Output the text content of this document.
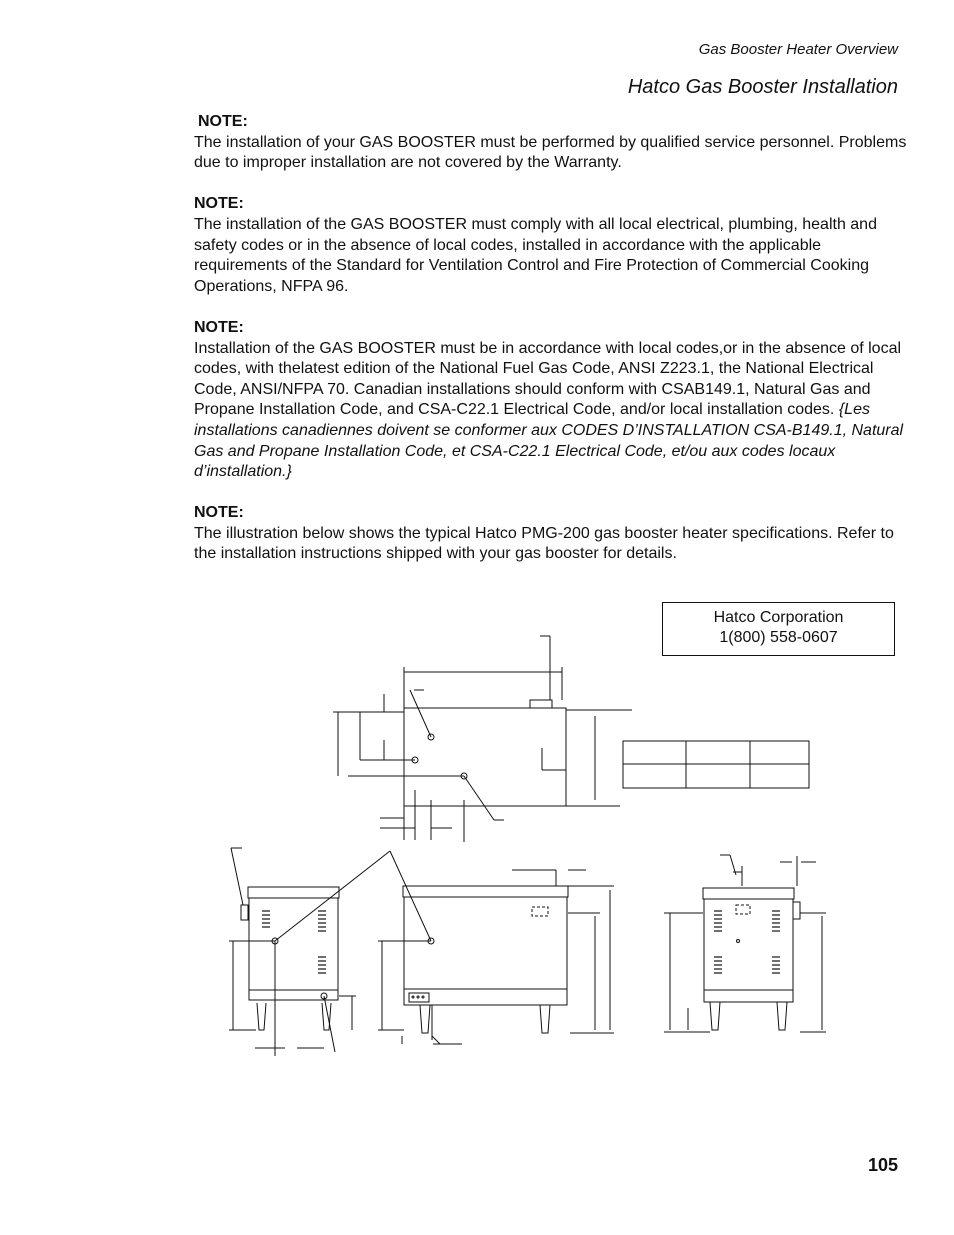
Gas Booster Heater Overview
Hatco Gas Booster Installation
NOTE:
The installation of your GAS BOOSTER must be performed by qualified service personnel. Problems due to improper installation are not covered by the Warranty.
NOTE:
The installation of the GAS BOOSTER must comply with all local electrical, plumbing, health and safety codes or in the absence of local codes, installed in accordance with the applicable requirements of the Standard for Ventilation Control and Fire Protection of Commercial Cooking Operations, NFPA 96.
NOTE:
Installation of the GAS BOOSTER must be in accordance with local codes,or in the absence of local codes, with thelatest edition of the National Fuel Gas Code, ANSI Z223.1, the National Electrical Code, ANSI/NFPA 70. Canadian installations should conform with CSAB149.1, Natural Gas and Propane Installation Code, and CSA-C22.1 Electrical Code, and/or local installation codes. {Les installations canadiennes doivent se conformer aux CODES D’INSTALLATION CSA-B149.1, Natural Gas and Propane Installation Code, et CSA-C22.1 Electrical Code, et/ou aux codes locaux d’installation.}
NOTE:
The illustration below shows the typical Hatco PMG-200 gas booster heater specifications. Refer to the installation instructions shipped with your gas booster for details.
Hatco Corporation
1(800) 558-0607
105
